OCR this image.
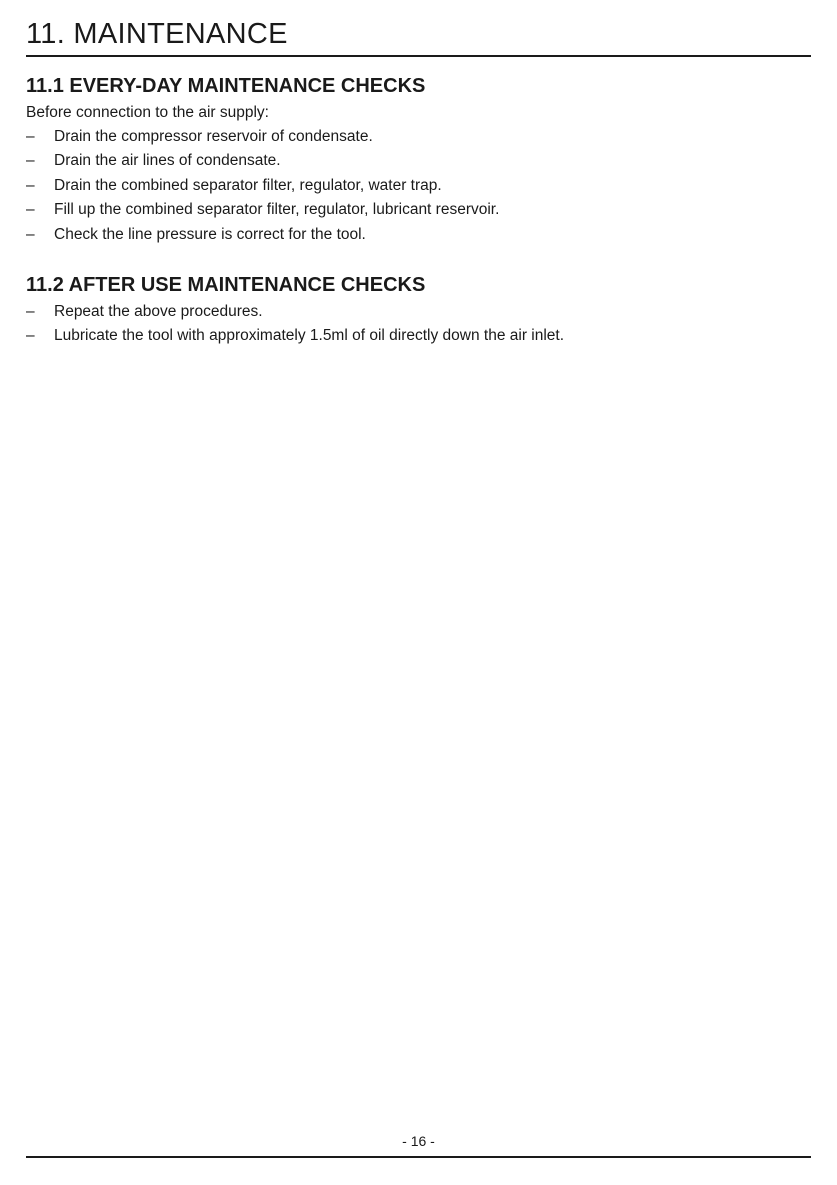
11. MAINTENANCE
11.1 EVERY-DAY MAINTENANCE CHECKS

Before connection to the air supply:

– Drain the compressor reservoir of condensate.
– Drain the air lines of condensate.
– Drain the combined separator filter, regulator, water trap.
– Fill up the combined separator filter, regulator, lubricant reservoir.
– Check the line pressure is correct for the tool.
11.2 AFTER USE MAINTENANCE CHECKS
– Repeat the above procedures.
– Lubricate the tool with approximately 1.5ml of oil directly down the air inlet.
- 16 -
